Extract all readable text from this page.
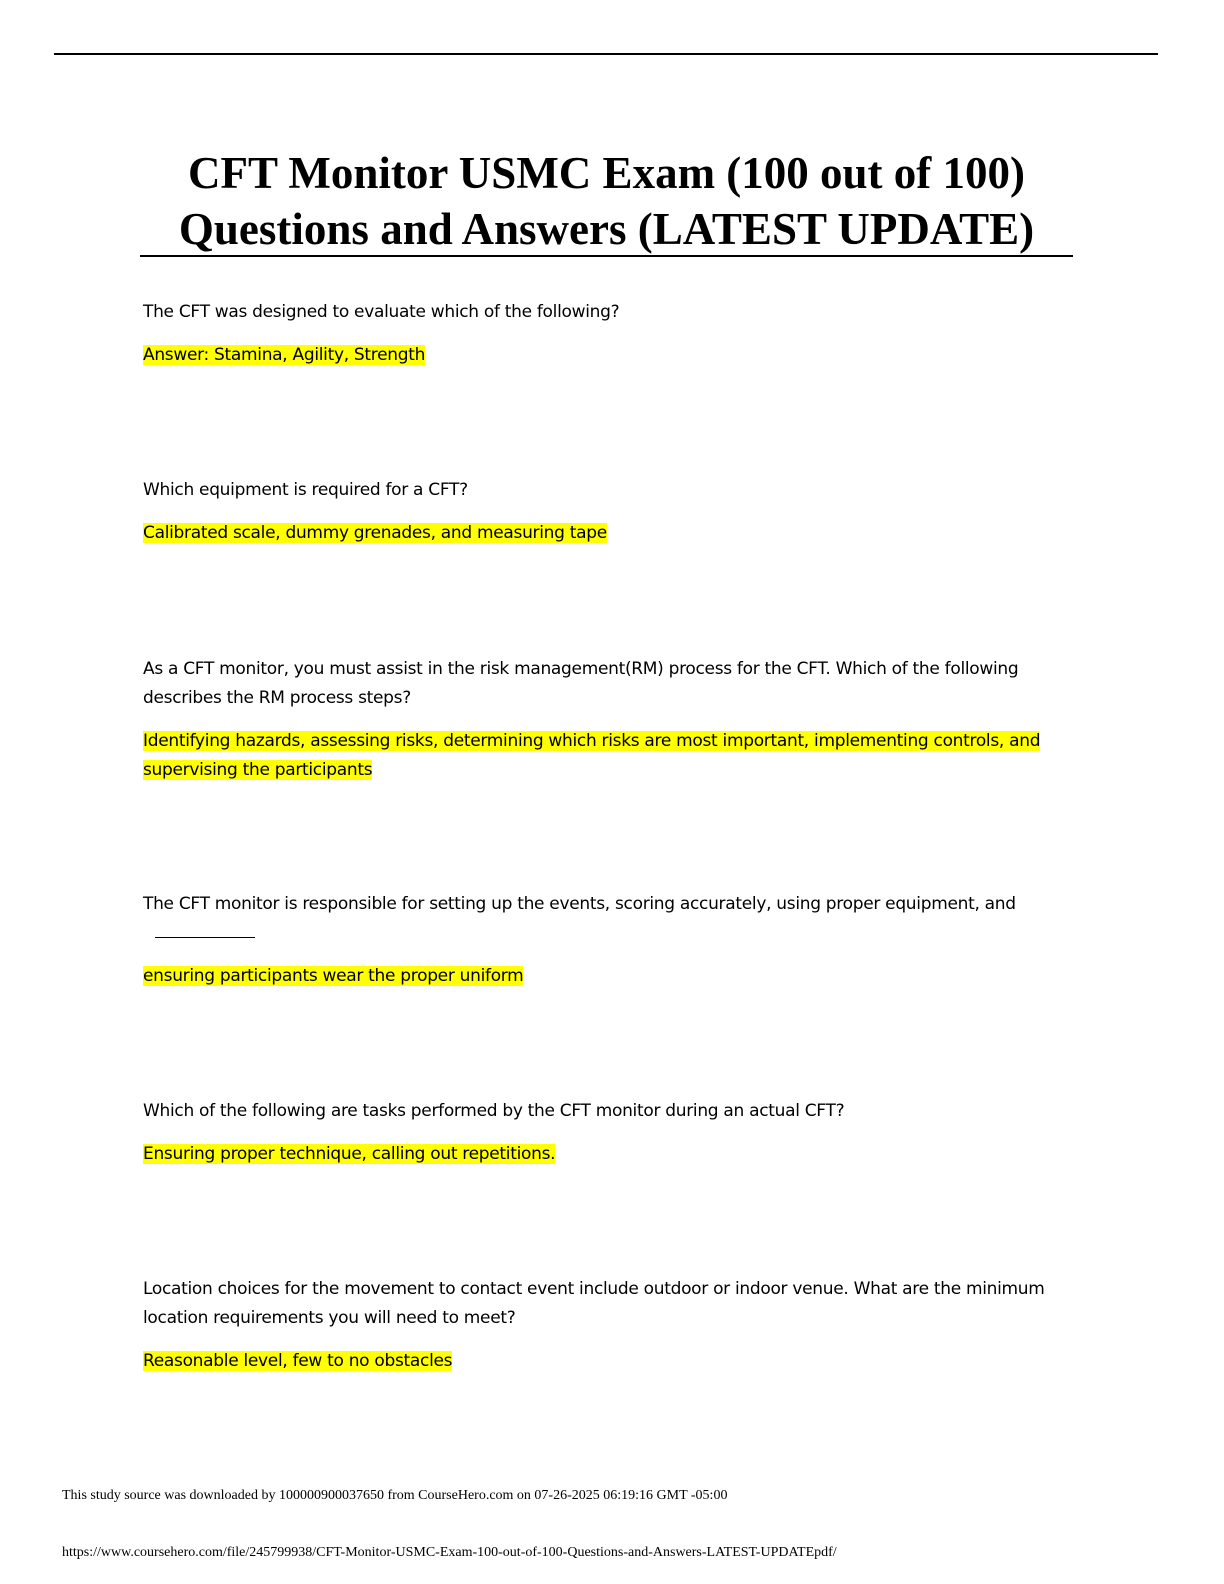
CFT Monitor USMC Exam (100 out of 100)
Questions and Answers (LATEST UPDATE)

The CFT was designed to evaluate which of the following?

Answer: Stamina, Agility, Strength

Which equipment is required for a CFT?

Calibrated scale, dummy grenades, and measuring tape

As a CFT monitor, you must assist in the risk management(RM) process for the CFT. Which of the following describes the RM process steps?

Identifying hazards, assessing risks, determining which risks are most important, implementing controls, and supervising the participants

The CFT monitor is responsible for setting up the events, scoring accurately, using proper equipment, and

ensuring participants wear the proper uniform

Which of the following are tasks performed by the CFT monitor during an actual CFT?

Ensuring proper technique, calling out repetitions.

Location choices for the movement to contact event include outdoor or indoor venue. What are the minimum location requirements you will need to meet?

Reasonable level, few to no obstacles

This study source was downloaded by 100000900037650 from CourseHero.com on 07-26-2025 06:19:16 GMT -05:00
https://www.coursehero.com/file/245799938/CFT-Monitor-USMC-Exam-100-out-of-100-Questions-and-Answers-LATEST-UPDATEpdf/
